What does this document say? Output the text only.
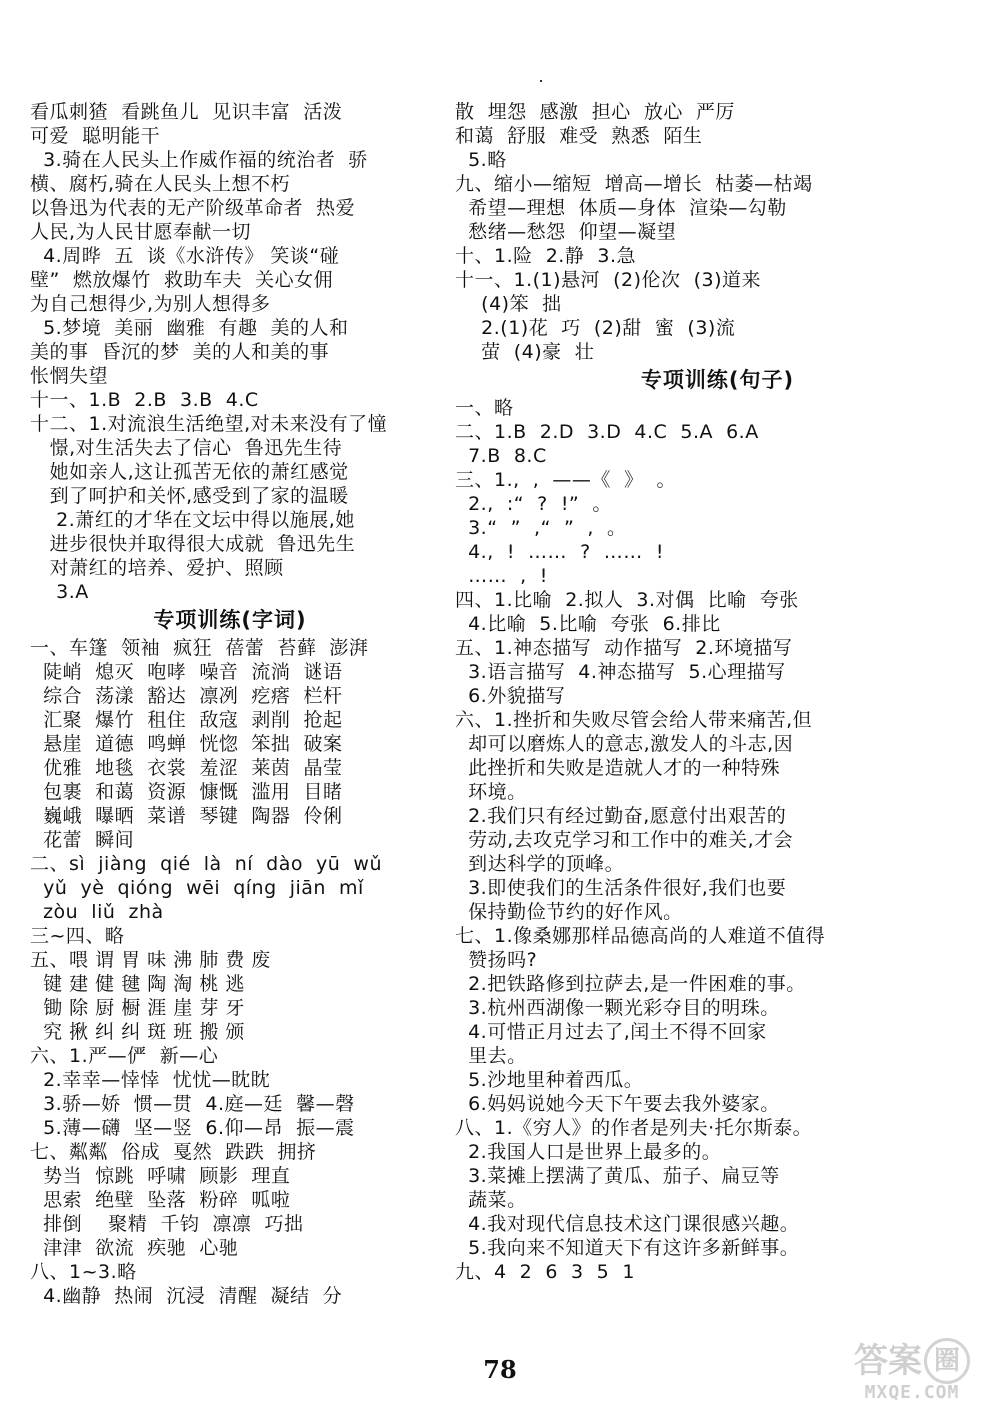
看瓜刺猹  看跳鱼儿  见识丰富  活泼
可爱  聪明能干
3.骑在人民头上作威作福的统治者  骄
横、腐朽,骑在人民头上想不朽
以鲁迅为代表的无产阶级革命者  热爱
人民,为人民甘愿奉献一切
4.周晔  五  谈《水浒传》 笑谈“碰
壁”  燃放爆竹  救助车夫  关心女佣
为自己想得少,为别人想得多
5.梦境  美丽  幽雅  有趣  美的人和
美的事  昏沉的梦  美的人和美的事
怅惘失望
十一、1.B  2.B  3.B  4.C
十二、1.对流浪生活绝望,对未来没有了憧
憬,对生活失去了信心  鲁迅先生待
她如亲人,这让孤苦无依的萧红感觉
到了呵护和关怀,感受到了家的温暖
2.萧红的才华在文坛中得以施展,她
进步很快并取得很大成就  鲁迅先生
对萧红的培养、爱护、照顾
3.A
专项训练(字词)
一、车篷  领袖  疯狂  蓓蕾  苔藓  澎湃
陡峭  熄灭  咆哮  噪音  流淌  谜语
综合  荡漾  豁达  凛冽  疙瘩  栏杆
汇聚  爆竹  租住  敌寇  剥削  抢起
悬崖  道德  鸣蝉  恍惚  笨拙  破案
优雅  地毯  衣裳  羞涩  莱茵  晶莹
包裹  和蔼  资源  慷慨  滥用  目睹
巍峨  曝晒  菜谱  琴键  陶器  伶俐
花蕾  瞬间
二、sì  jiàng  qié  là  ní  dào  yū  wǔ
yǔ  yè  qióng  wēi  qíng  jiān  mǐ
zòu  liǔ  zhà
三~四、略
五、喂 谓 胃 味 沸 肺 费 废
键 建 健 毽 陶 淘 桃 逃
锄 除 厨 橱 涯 崖 芽 牙
究 揪 纠 纠 斑 班 搬 颁
六、1.严—俨  新—心
2.幸幸—悻悻  忧忧—眈眈
3.骄—娇  惯—贯  4.庭—廷  馨—磬
5.薄—礴  坚—竖  6.仰—昂  振—震
七、粼粼  俗成  戛然  跌跌  拥挤
势当  惊跳  呼啸  顾影  理直
思索  绝壁  坠落  粉碎  呱啦
排倒    聚精  千钧  凛凛  巧拙
津津  欲流  疾驰  心驰
八、1~3.略
4.幽静  热闹  沉浸  清醒  凝结  分
散  埋怨  感激  担心  放心  严厉
和蔼  舒服  难受  熟悉  陌生
5.略
九、缩小—缩短  增高—增长  枯萎—枯竭
希望—理想  体质—身体  渲染—勾勒
愁绪—愁怨  仰望—凝望
十、1.险  2.静  3.急
十一、1.(1)悬河  (2)伦次  (3)道来
(4)笨  拙
2.(1)花  巧  (2)甜  蜜  (3)流
萤  (4)豪  壮
专项训练(句子)
一、略
二、1.B  2.D  3.D  4.C  5.A  6.A
7.B  8.C
三、1.,  ,  ——《  》  。
2.,  :“  ?  !”  。
3.“  ”  ,“  ”  ,  。
4.,  !  ……  ?  ……  !
……  ,  !
四、1.比喻  2.拟人  3.对偶  比喻  夸张
4.比喻  5.比喻  夸张  6.排比
五、1.神态描写  动作描写  2.环境描写
3.语言描写  4.神态描写  5.心理描写
6.外貌描写
六、1.挫折和失败尽管会给人带来痛苦,但
却可以磨炼人的意志,激发人的斗志,因
此挫折和失败是造就人才的一种特殊
环境。
2.我们只有经过勤奋,愿意付出艰苦的
劳动,去攻克学习和工作中的难关,才会
到达科学的顶峰。
3.即使我们的生活条件很好,我们也要
保持勤俭节约的好作风。
七、1.像桑娜那样品德高尚的人难道不值得
赞扬吗?
2.把铁路修到拉萨去,是一件困难的事。
3.杭州西湖像一颗光彩夺目的明珠。
4.可惜正月过去了,闰土不得不回家
里去。
5.沙地里种着西瓜。
6.妈妈说她今天下午要去我外婆家。
八、1.《穷人》的作者是列夫·托尔斯泰。
2.我国人口是世界上最多的。
3.菜摊上摆满了黄瓜、茄子、扁豆等
蔬菜。
4.我对现代信息技术这门课很感兴趣。
5.我向来不知道天下有这许多新鲜事。
九、4  2  6  3  5  1
78	答案 圈
MXQE.COM
